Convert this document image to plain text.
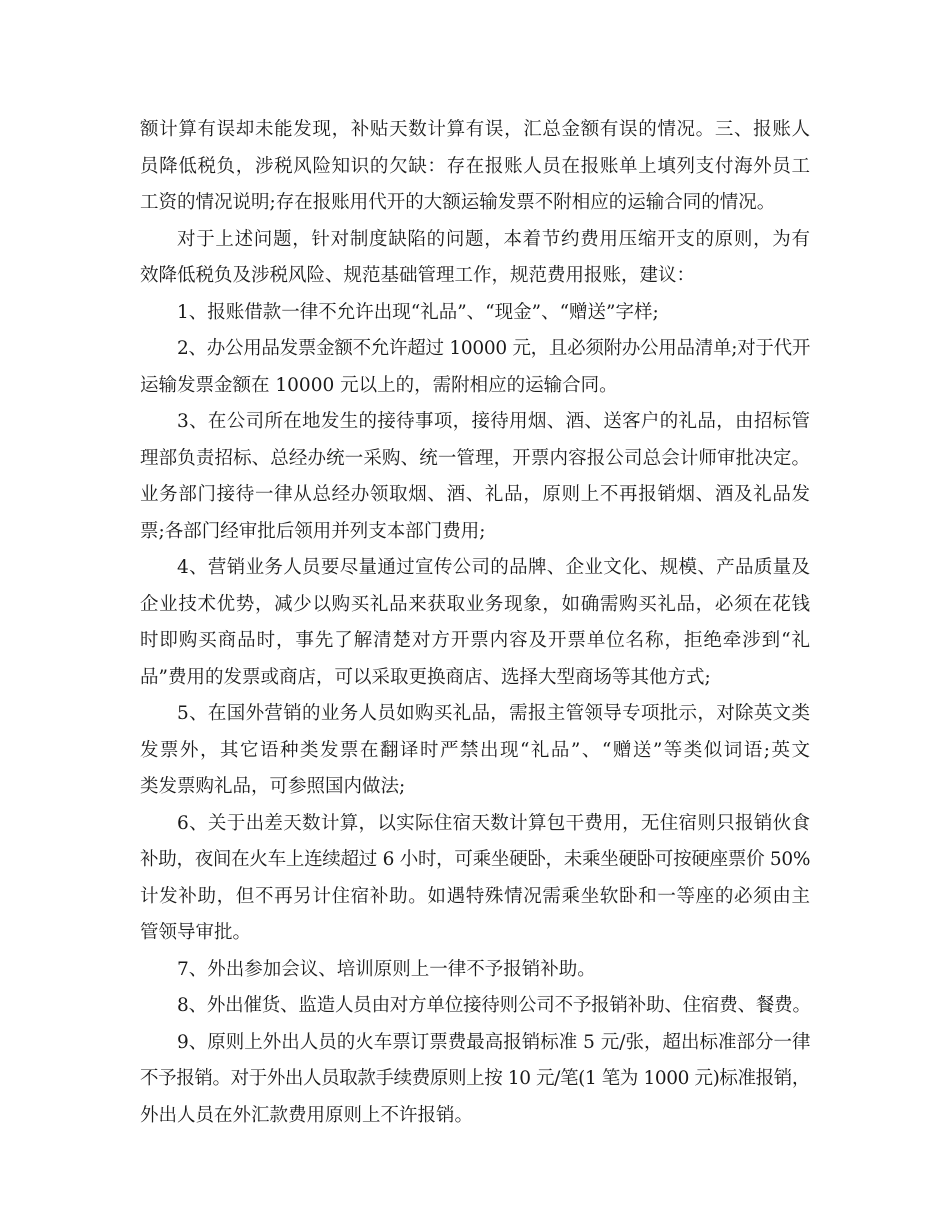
额计算有误却未能发现，补贴天数计算有误，汇总金额有误的情况。三、报账人
员降低税负，涉税风险知识的欠缺：存在报账人员在报账单上填列支付海外员工
工资的情况说明;存在报账用代开的大额运输发票不附相应的运输合同的情况。
对于上述问题，针对制度缺陷的问题，本着节约费用压缩开支的原则，为有
效降低税负及涉税风险、规范基础管理工作，规范费用报账，建议：
1、报账借款一律不允许出现“礼品”、“现金”、“赠送”字样;
2、办公用品发票金额不允许超过 10000 元，且必须附办公用品清单;对于代开
运输发票金额在 10000 元以上的，需附相应的运输合同。
3、在公司所在地发生的接待事项，接待用烟、酒、送客户的礼品，由招标管
理部负责招标、总经办统一采购、统一管理，开票内容报公司总会计师审批决定。
业务部门接待一律从总经办领取烟、酒、礼品，原则上不再报销烟、酒及礼品发
票;各部门经审批后领用并列支本部门费用;
4、营销业务人员要尽量通过宣传公司的品牌、企业文化、规模、产品质量及
企业技术优势，减少以购买礼品来获取业务现象，如确需购买礼品，必须在花钱
时即购买商品时，事先了解清楚对方开票内容及开票单位名称，拒绝牵涉到“礼
品”费用的发票或商店，可以采取更换商店、选择大型商场等其他方式;
5、在国外营销的业务人员如购买礼品，需报主管领导专项批示，对除英文类
发票外，其它语种类发票在翻译时严禁出现“礼品”、“赠送”等类似词语;英文
类发票购礼品，可参照国内做法;
6、关于出差天数计算，以实际住宿天数计算包干费用，无住宿则只报销伙食
补助，夜间在火车上连续超过 6 小时，可乘坐硬卧，未乘坐硬卧可按硬座票价 50%
计发补助，但不再另计住宿补助。如遇特殊情况需乘坐软卧和一等座的必须由主
管领导审批。
7、外出参加会议、培训原则上一律不予报销补助。
8、外出催货、监造人员由对方单位接待则公司不予报销补助、住宿费、餐费。
9、原则上外出人员的火车票订票费最高报销标准 5 元/张，超出标准部分一律
不予报销。对于外出人员取款手续费原则上按 10 元/笔(1 笔为 1000 元)标准报销，
外出人员在外汇款费用原则上不许报销。
